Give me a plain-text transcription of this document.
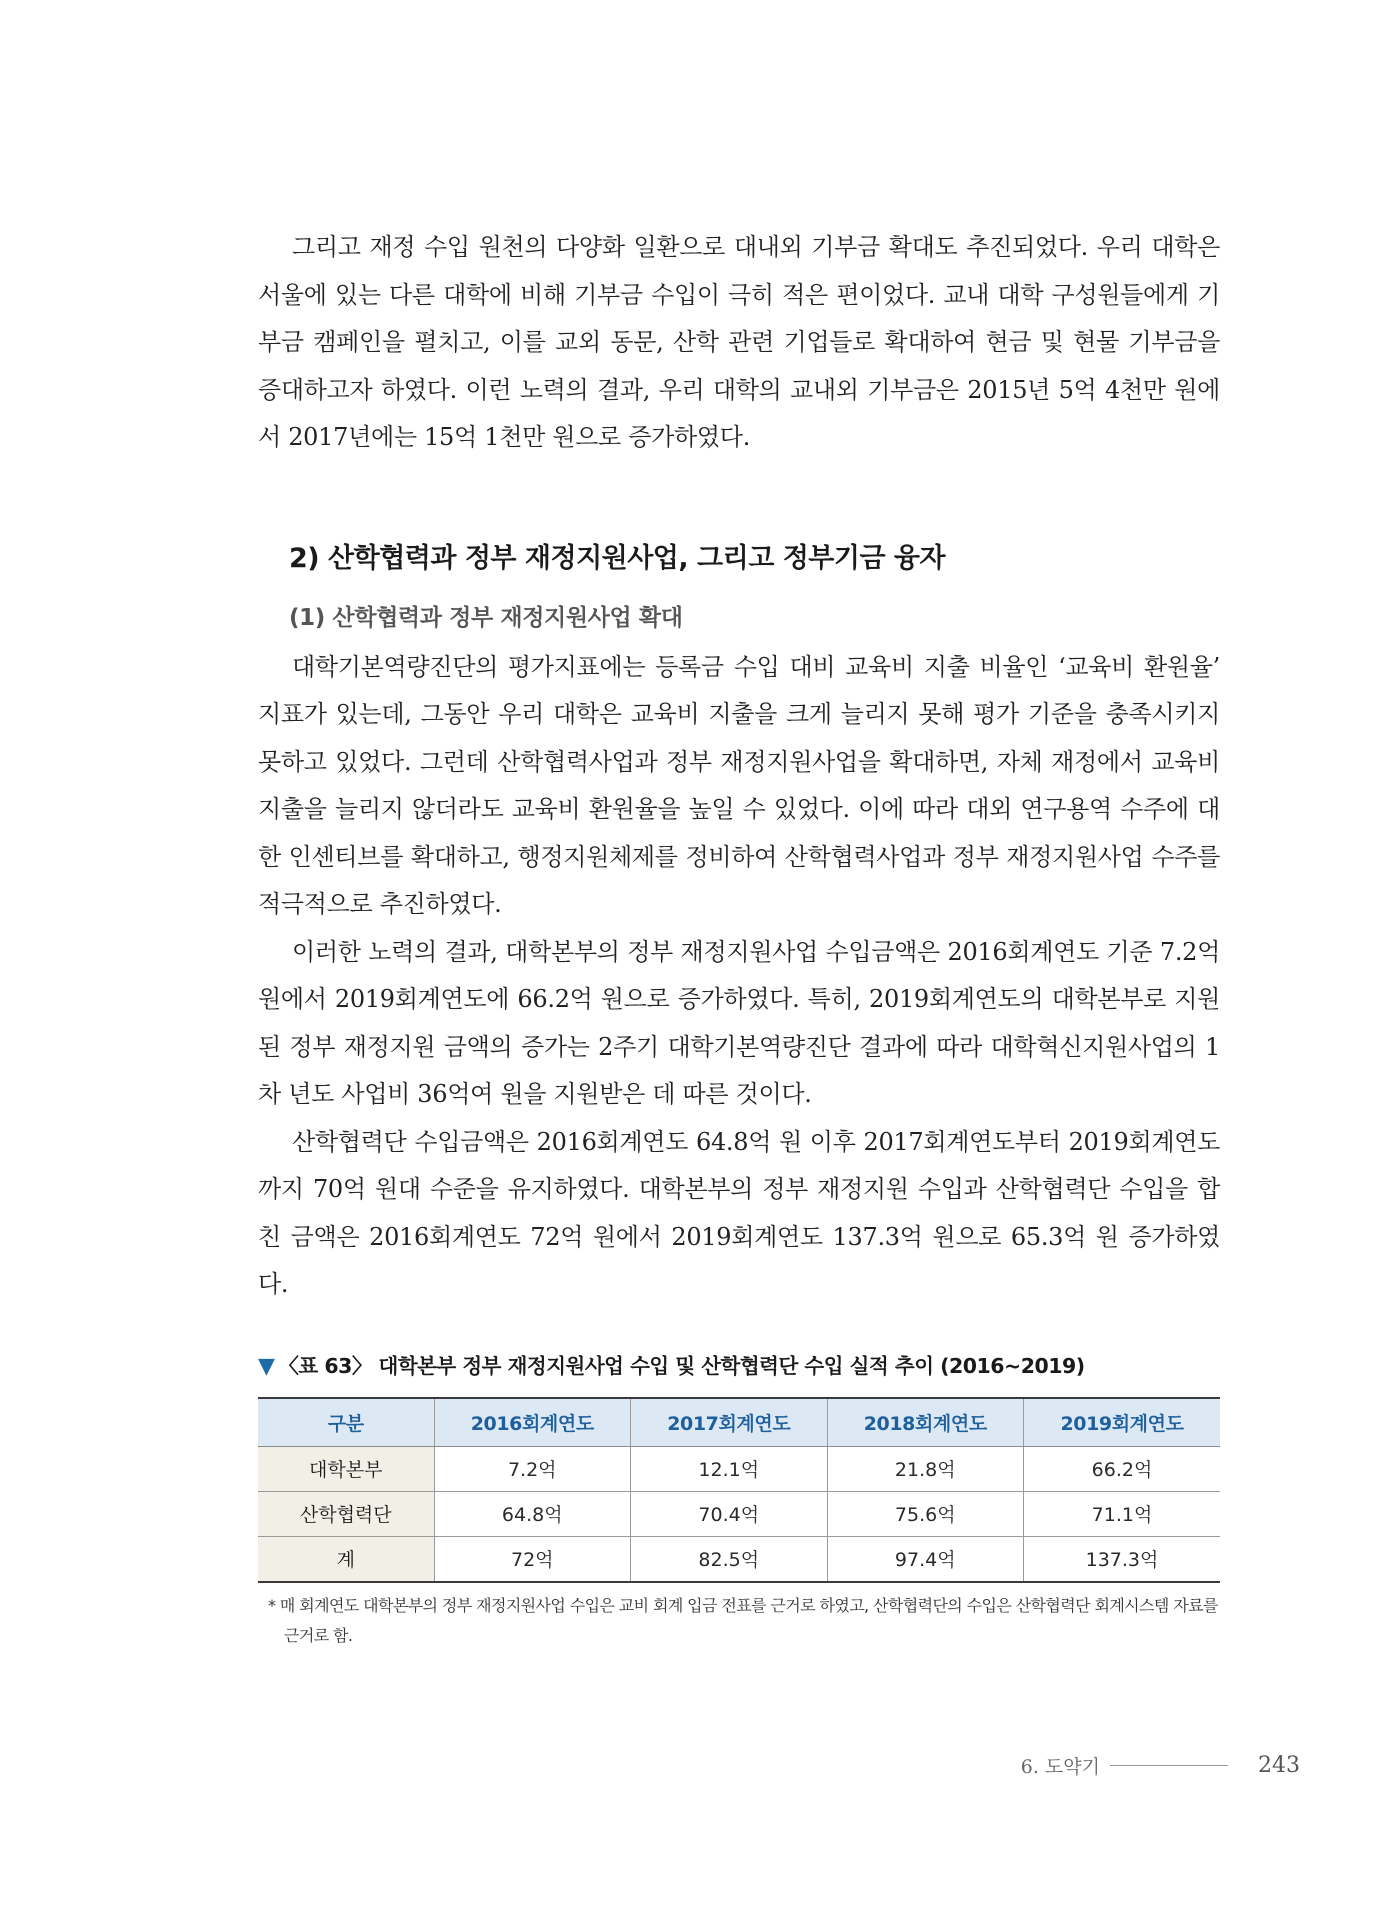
그리고 재정 수입 원천의 다양화 일환으로 대내외 기부금 확대도 추진되었다. 우리 대학은 서울에 있는 다른 대학에 비해 기부금 수입이 극히 적은 편이었다. 교내 대학 구성원들에게 기부금 캠페인을 펼치고, 이를 교외 동문, 산학 관련 기업들로 확대하여 현금 및 현물 기부금을 증대하고자 하였다. 이런 노력의 결과, 우리 대학의 교내외 기부금은 2015년 5억 4천만 원에서 2017년에는 15억 1천만 원으로 증가하였다.

2) 산학협력과 정부 재정지원사업, 그리고 정부기금 융자
(1) 산학협력과 정부 재정지원사업 확대

대학기본역량진단의 평가지표에는 등록금 수입 대비 교육비 지출 비율인 ‘교육비 환원율’ 지표가 있는데, 그동안 우리 대학은 교육비 지출을 크게 늘리지 못해 평가 기준을 충족시키지 못하고 있었다. 그런데 산학협력사업과 정부 재정지원사업을 확대하면, 자체 재정에서 교육비 지출을 늘리지 않더라도 교육비 환원율을 높일 수 있었다. 이에 따라 대외 연구용역 수주에 대한 인센티브를 확대하고, 행정지원체제를 정비하여 산학협력사업과 정부 재정지원사업 수주를 적극적으로 추진하였다.

이러한 노력의 결과, 대학본부의 정부 재정지원사업 수입금액은 2016회계연도 기준 7.2억 원에서 2019회계연도에 66.2억 원으로 증가하였다. 특히, 2019회계연도의 대학본부로 지원된 정부 재정지원 금액의 증가는 2주기 대학기본역량진단 결과에 따라 대학혁신지원사업의 1차 년도 사업비 36억여 원을 지원받은 데 따른 것이다.

산학협력단 수입금액은 2016회계연도 64.8억 원 이후 2017회계연도부터 2019회계연도까지 70억 원대 수준을 유지하였다. 대학본부의 정부 재정지원 수입과 산학협력단 수입을 합친 금액은 2016회계연도 72억 원에서 2019회계연도 137.3억 원으로 65.3억 원 증가하였다.

▼ 〈표 63〉 대학본부 정부 재정지원사업 수입 및 산학협력단 수입 실적 추이 (2016~2019)
구분	2016회계연도	2017회계연도	2018회계연도	2019회계연도
대학본부	7.2억	12.1억	21.8억	66.2억
산학협력단	64.8억	70.4억	75.6억	71.1억
계	72억	82.5억	97.4억	137.3억
* 매 회계연도 대학본부의 정부 재정지원사업 수입은 교비 회계 입금 전표를 근거로 하였고, 산학협력단의 수입은 산학협력단 회계시스템 자료를 근거로 함.
6. 도약기	243
